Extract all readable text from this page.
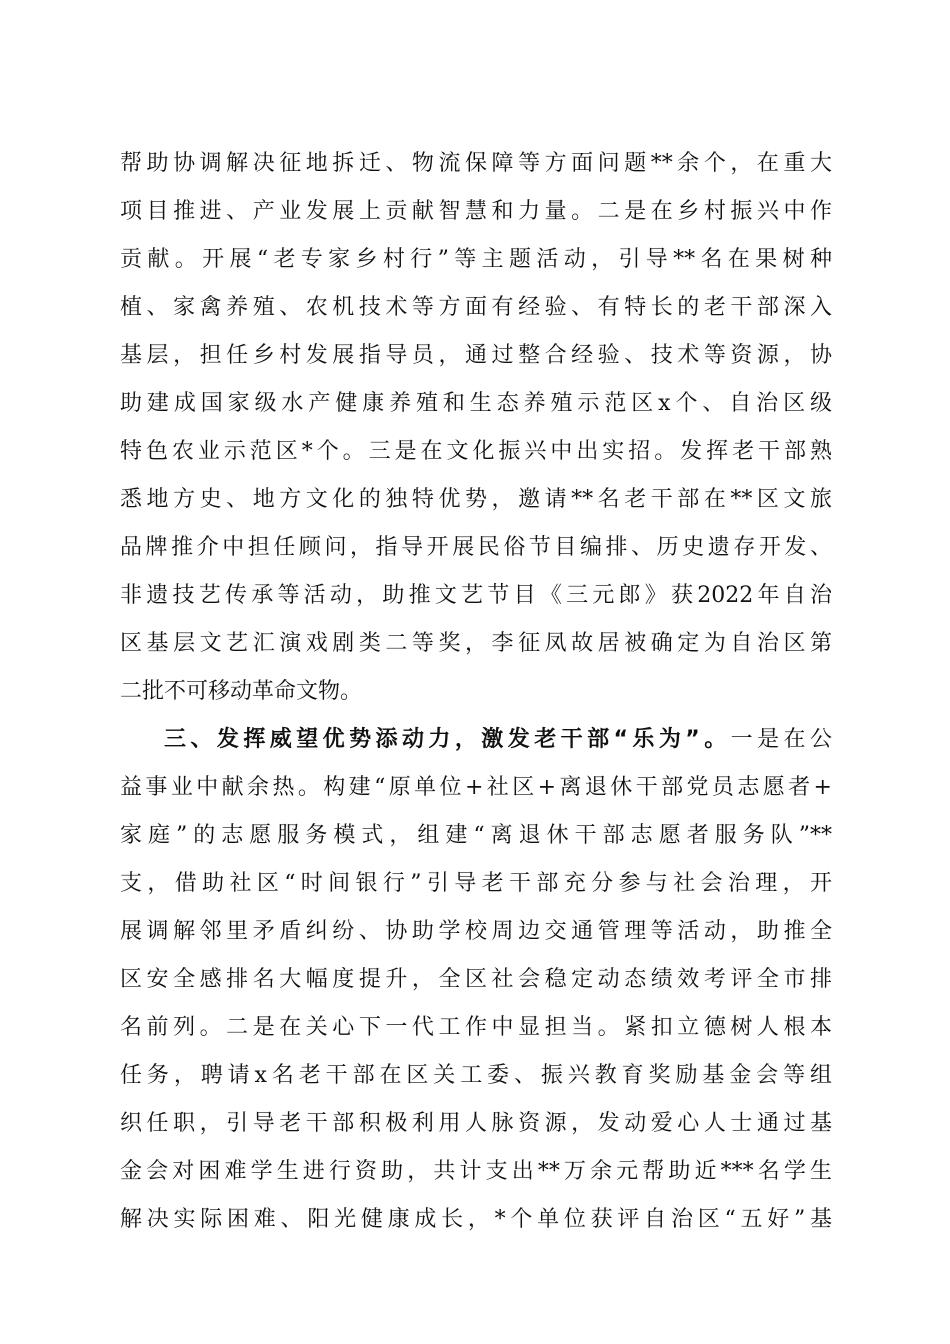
帮助协调解决征地拆迁、物流保障等方面问题**余个，在重大
项目推进、产业发展上贡献智慧和力量。二是在乡村振兴中作
贡献。开展“老专家乡村行”等主题活动，引导**名在果树种
植、家禽养殖、农机技术等方面有经验、有特长的老干部深入
基层，担任乡村发展指导员，通过整合经验、技术等资源，协
助建成国家级水产健康养殖和生态养殖示范区x个、自治区级
特色农业示范区*个。三是在文化振兴中出实招。发挥老干部熟
悉地方史、地方文化的独特优势，邀请**名老干部在**区文旅
品牌推介中担任顾问，指导开展民俗节目编排、历史遗存开发、
非遗技艺传承等活动，助推文艺节目《三元郎》获2022年自治
区基层文艺汇演戏剧类二等奖，李征凤故居被确定为自治区第
二批不可移动革命文物。
三、发挥威望优势添动力，激发老干部“乐为”。一是在公
益事业中献余热。构建“原单位+社区+离退休干部党员志愿者+
家庭”的志愿服务模式，组建“离退休干部志愿者服务队”**
支，借助社区“时间银行”引导老干部充分参与社会治理，开
展调解邻里矛盾纠纷、协助学校周边交通管理等活动，助推全
区安全感排名大幅度提升，全区社会稳定动态绩效考评全市排
名前列。二是在关心下一代工作中显担当。紧扣立德树人根本
任务，聘请x名老干部在区关工委、振兴教育奖励基金会等组
织任职，引导老干部积极利用人脉资源，发动爱心人士通过基
金会对困难学生进行资助，共计支出**万余元帮助近***名学生
解决实际困难、阳光健康成长，*个单位获评自治区“五好”基
